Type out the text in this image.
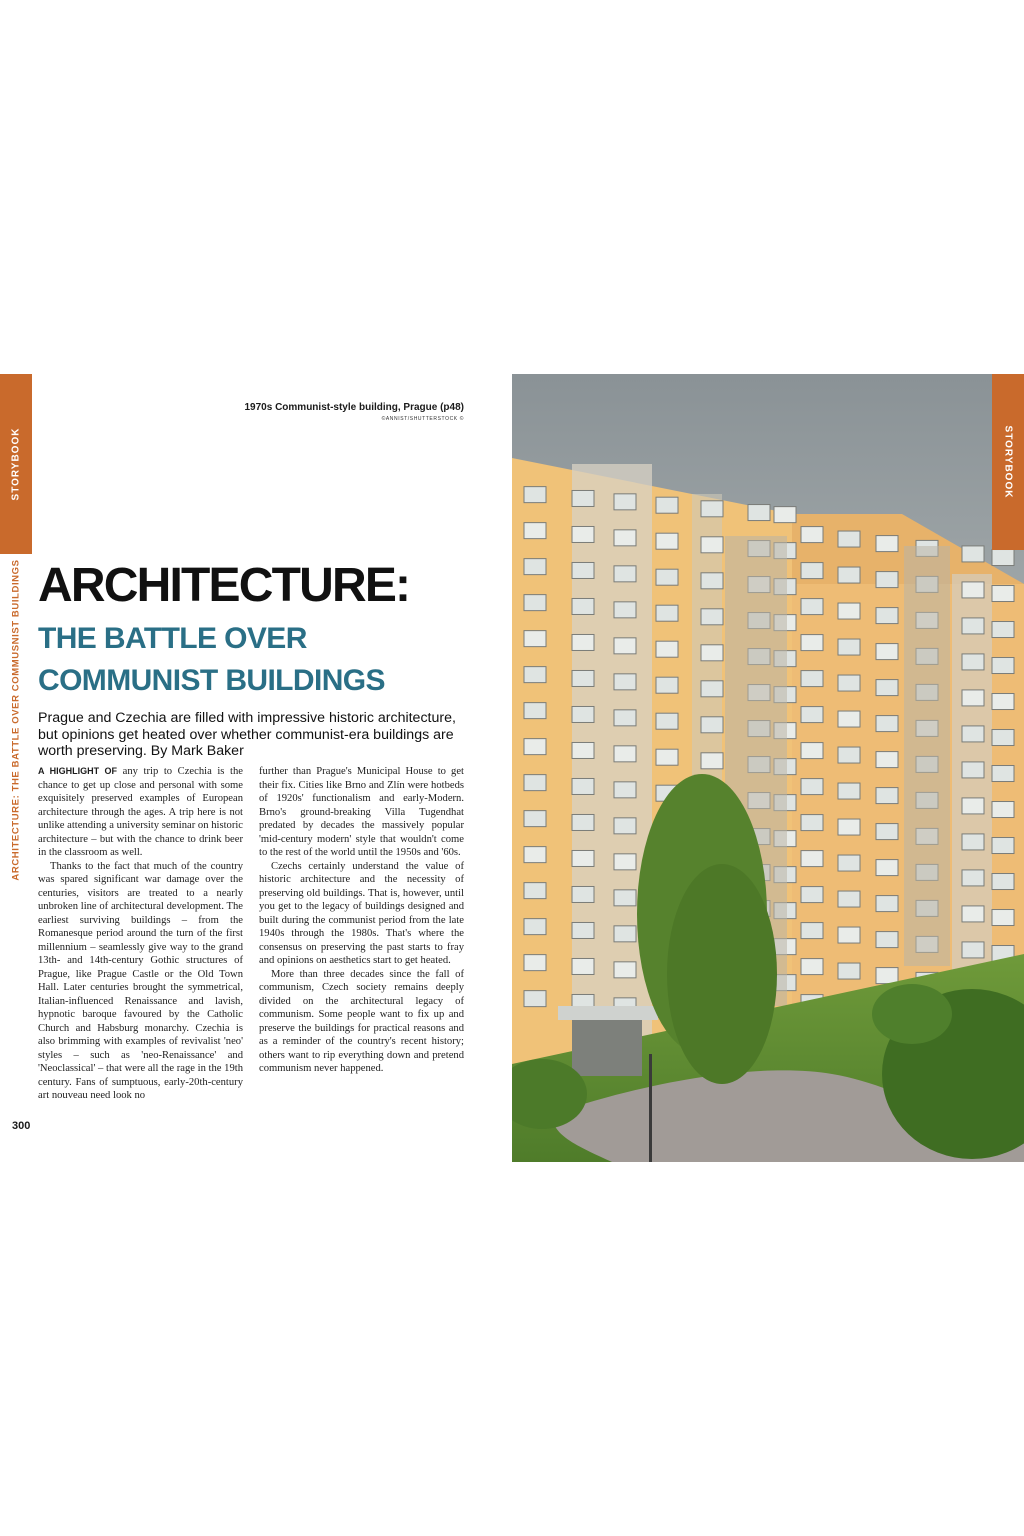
STORYBOOK
ARCHITECTURE: THE BATTLE OVER COMMUSNIST BUILDINGS
1970s Communist-style building, Prague (p48)
©ANNIST/SHUTTERSTOCK ©
ARCHITECTURE:
THE BATTLE OVER
COMMUNIST BUILDINGS

Prague and Czechia are filled with impressive historic architecture, but opinions get heated over whether communist-era buildings are worth preserving. By Mark Baker

A HIGHLIGHT OF any trip to Czechia is the chance to get up close and personal with some exquisitely preserved examples of European architecture through the ages. A trip here is not unlike attending a university seminar on historic architecture – but with the chance to drink beer in the classroom as well.

Thanks to the fact that much of the country was spared significant war damage over the centuries, visitors are treated to a nearly unbroken line of architectural development. The earliest surviving buildings – from the Romanesque period around the turn of the first millennium – seamlessly give way to the grand 13th- and 14th-century Gothic structures of Prague, like Prague Castle or the Old Town Hall. Later centuries brought the symmetrical, Italian-influenced Renaissance and lavish, hypnotic baroque favoured by the Catholic Church and Habsburg monarchy. Czechia is also brimming with examples of revivalist 'neo' styles – such as 'neo-Renaissance' and 'Neoclassical' – that were all the rage in the 19th century. Fans of sumptuous, early-20th-century art nouveau need look no

further than Prague's Municipal House to get their fix. Cities like Brno and Zlín were hotbeds of 1920s' functionalism and early-Modern. Brno's ground-breaking Villa Tugendhat predated by decades the massively popular 'mid-century modern' style that wouldn't come to the rest of the world until the 1950s and '60s.

Czechs certainly understand the value of historic architecture and the necessity of preserving old buildings. That is, however, until you get to the legacy of buildings designed and built during the communist period from the late 1940s through the 1980s. That's where the consensus on preserving the past starts to fray and opinions on aesthetics start to get heated.

More than three decades since the fall of communism, Czech society remains deeply divided on the architectural legacy of communism. Some people want to fix up and preserve the buildings for practical reasons and as a reminder of the country's recent history; others want to rip everything down and pretend communism never happened.

300
STORYBOOK
